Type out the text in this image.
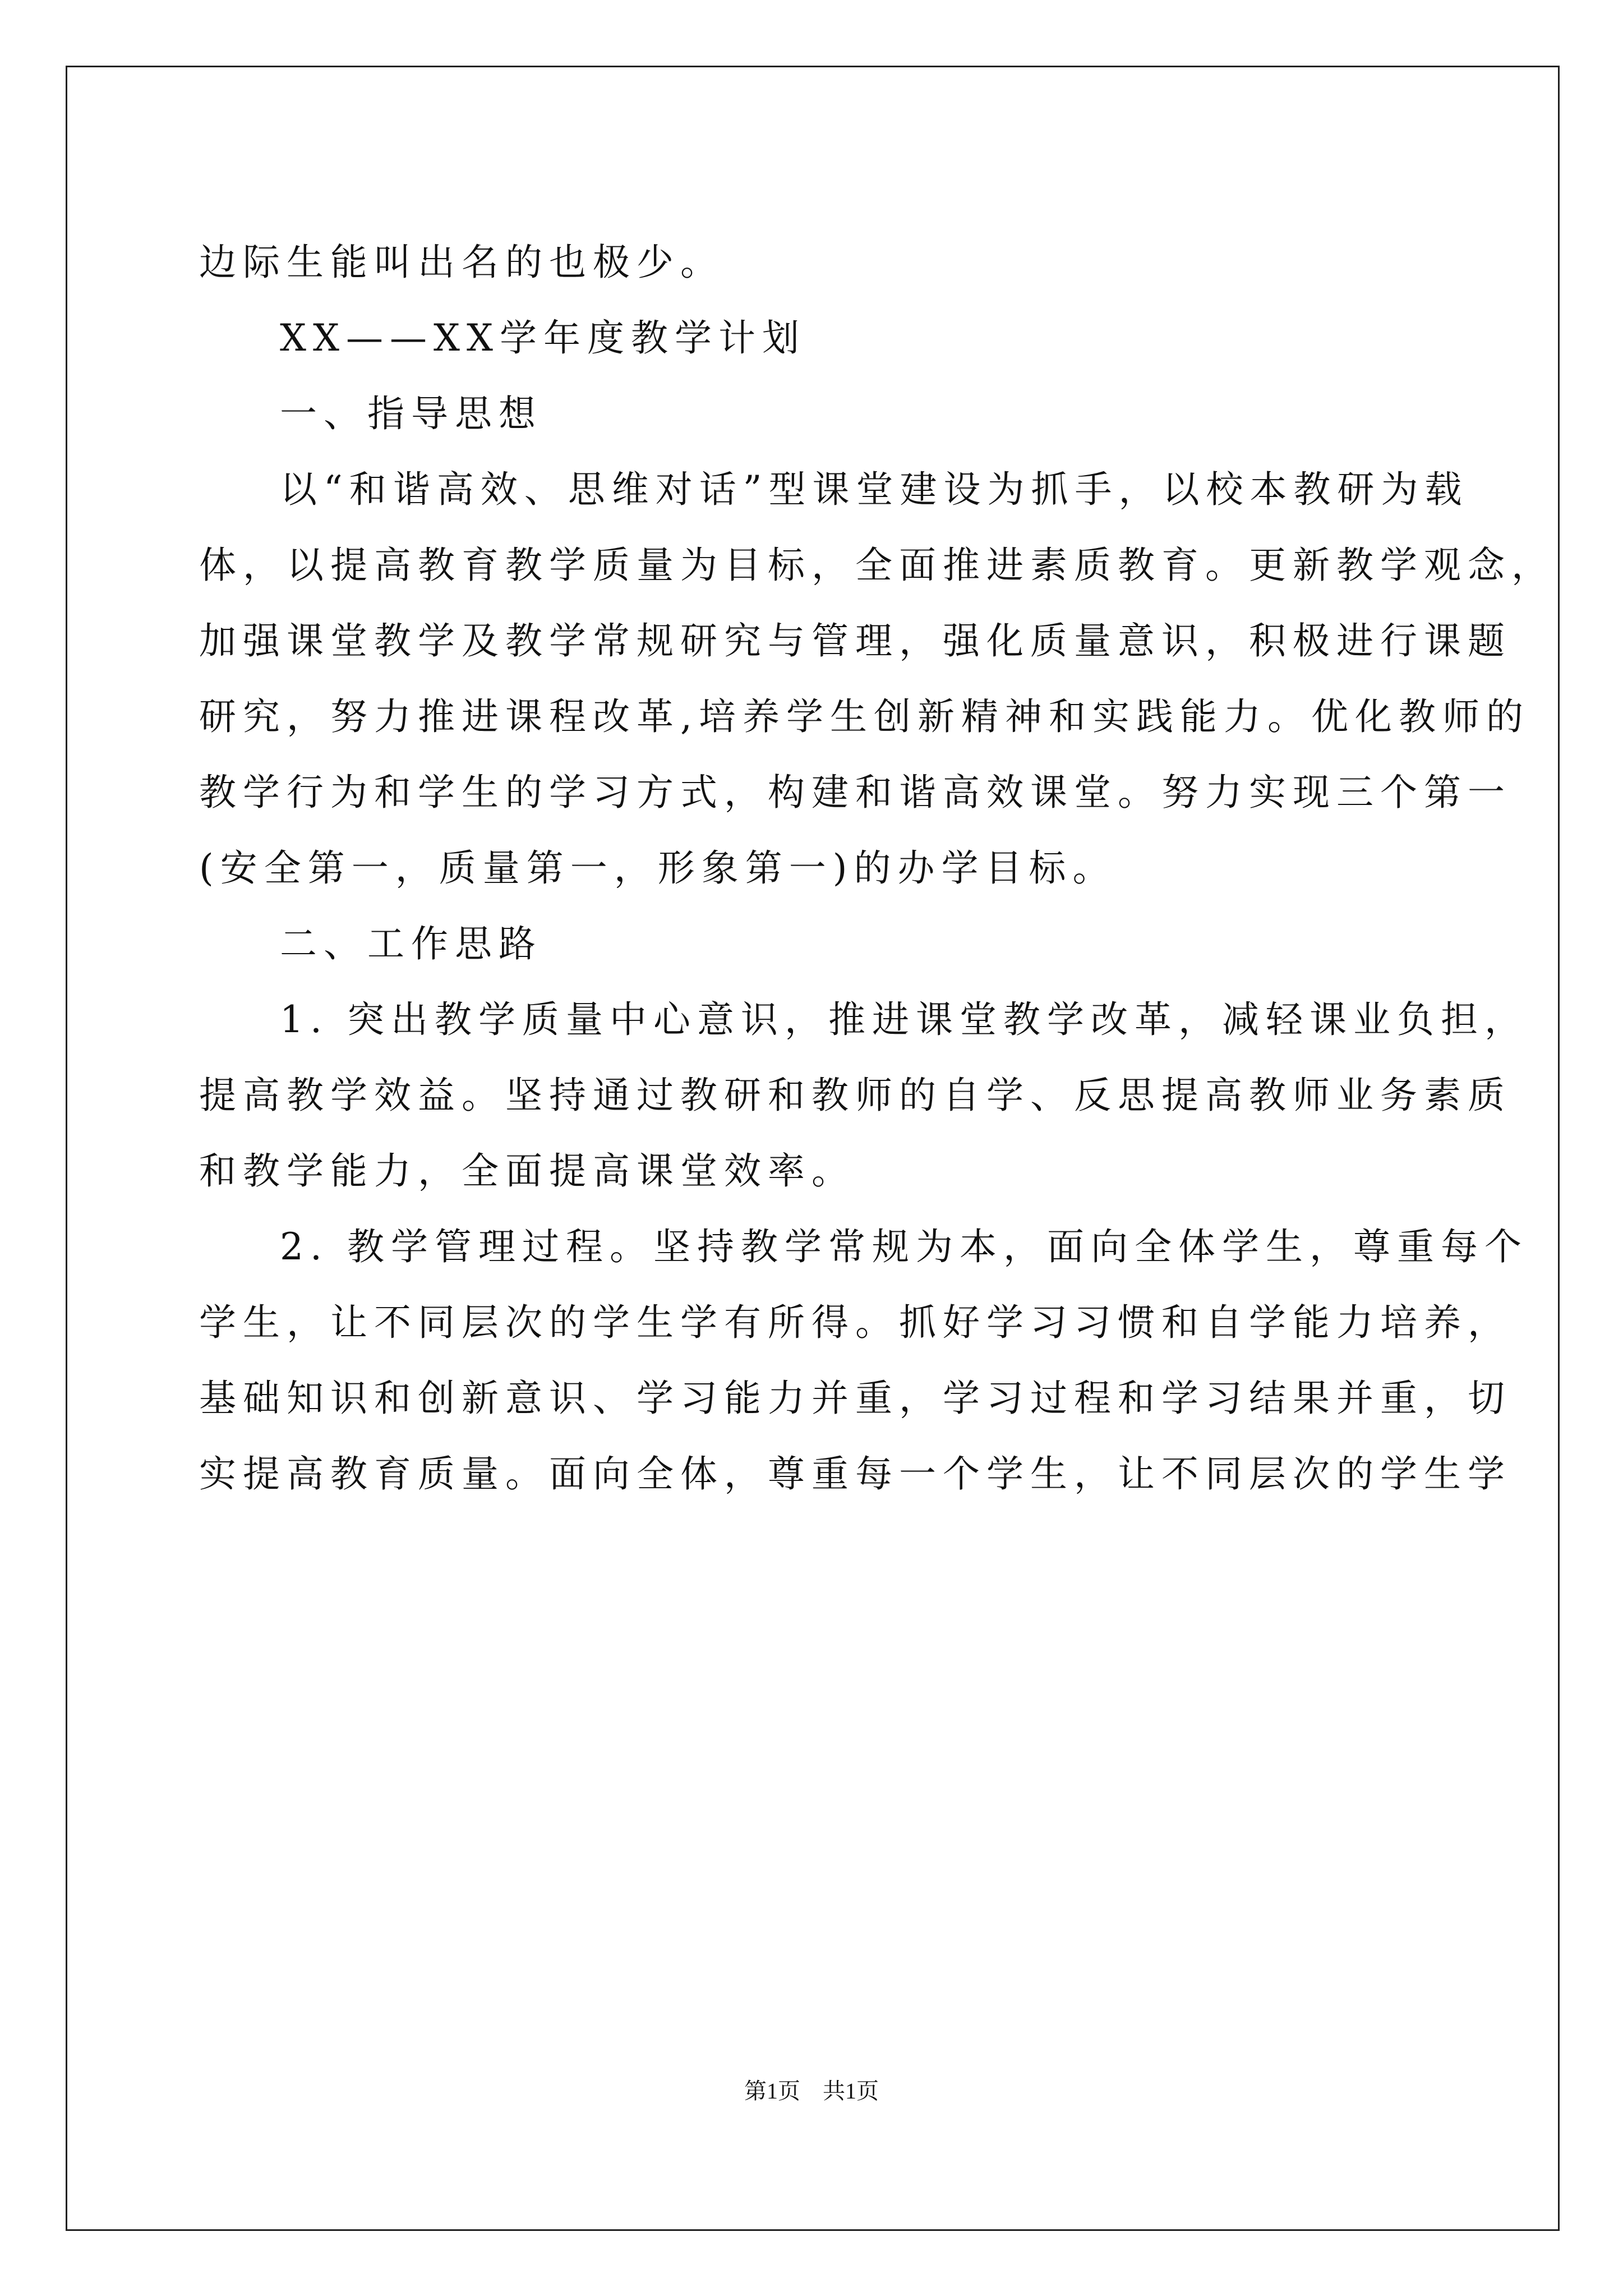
边际生能叫出名的也极少。

XX——XX学年度教学计划

一、指导思想

以“和谐高效、思维对话”型课堂建设为抓手，以校本教研为载

体，以提高教育教学质量为目标，全面推进素质教育。更新教学观念，

加强课堂教学及教学常规研究与管理，强化质量意识，积极进行课题

研究，努力推进课程改革,培养学生创新精神和实践能力。优化教师的

教学行为和学生的学习方式，构建和谐高效课堂。努力实现三个第一

(安全第一，质量第一，形象第一)的办学目标。

二、工作思路

1. 突出教学质量中心意识，推进课堂教学改革，减轻课业负担，

提高教学效益。坚持通过教研和教师的自学、反思提高教师业务素质

和教学能力，全面提高课堂效率。

2. 教学管理过程。坚持教学常规为本，面向全体学生，尊重每个

学生，让不同层次的学生学有所得。抓好学习习惯和自学能力培养，

基础知识和创新意识、学习能力并重，学习过程和学习结果并重，切

实提高教育质量。面向全体，尊重每一个学生，让不同层次的学生学

第1页 共1页
